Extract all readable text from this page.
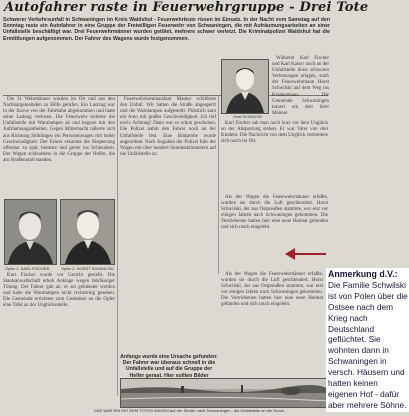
Autofahrer raste in Feuerwehrgruppe - Drei Tote
Schwerer Verkehrsunfall in Schwaningen im Kreis Waldshut - Feuerwehrleute rissen im Einsatz. In der Nacht vom Samstag auf den Sonntag raste ein Autofahrer in eine Gruppe der Freiwilligen Feuerwehr von Schwaningen, die mit Aufräumungsarbeiten an einer Unfallstelle beschäftigt war. Drei Feuerwehrmänner wurden getötet, mehrere schwer verletzt. Die Kriminalpolizei Waldshut hat die Ermittlungen aufgenommen. Der Fahrer des Wagens wurde festgenommen.

Die 31 Wehrmänner wurden im Ort und aus den Nachbargemeinden zu Hilfe gerufen. Ein Lastzug war in der Kurve von der Fahrbahn abgekommen und hatte seine Ladung verloren. Die Feuerwehr sicherte die Unfallstelle mit Warnlampen ab und begann mit den Aufräumungsarbeiten. Gegen Mitternacht näherte sich aus Richtung Stühlingen ein Personenwagen mit hoher Geschwindigkeit. Der Fahrer erkannte die Absperrung offenbar zu spät, bremste und geriet ins Schleudern. Der Wagen schleuderte in die Gruppe der Helfer, die am Straßenrand standen.

Feuerwehrkommandant Mauter schilderte den Unfall: Wir hatten die Straße abgesperrt und die Warnlampen aufgestellt. Plötzlich kam ein Auto mit großer Geschwindigkeit. Ich rief noch: Achtung! Dann war es schon geschehen. Die Polizei nahm den Fahrer noch an der Unfallstelle fest. Eine Blutprobe wurde angeordnet. Nach Angaben der Polizei fuhr der Wagen mit über hundert Stundenkilometern auf die Unfallstelle zu.

Horst SCHWILSKI

Während Karl Fischer und Karl Kaiser noch an der Unfallstelle ihren schweren Verletzungen erlagen, starb der Feuerwehrmann Horst Schwilski auf dem Weg ins Krankenhaus. Die Gemeinde Schwaningen trauert um drei ihrer Männer.

Karl Fischer sah man noch kurz vor dem Unglück an der Absperrung stehen. Er war Vater von drei Kindern. Die Nachricht von dem Unglück verbreitete sich rasch im Ort.

Als der Wagen die Feuerwehrmänner erfaßte, wurden sie durch die Luft geschleudert. Horst Schwilski, der aus Ostpreußen stammte, war erst vor einigen Jahren nach Schwaningen gekommen. Die Vertriebenen hatten hier eine neue Heimat gefunden und sich rasch eingelebt.

Opfer 1: KARL FISCHER	Opfer 2: HORST SCHWILSKI

Kurt Fischer wurde vor Gericht gestellt. Die Staatsanwaltschaft erhob Anklage wegen fahrlässiger Tötung. Der Fahrer gab an, er sei geblendet worden und habe die Warnlampen nicht rechtzeitig gesehen. Die Gemeinde errichtete zum Gedenken an die Opfer eine Tafel an der Unglücksstelle.

Anfangs wurde eine Ursache gefunden: Der Fahrer war überaus schnell in die Unfallstelle und auf die Gruppe der Helfer gerast. Hier sollten Bilder

Als der Wagen die Feuerwehrmänner erfaßte, wurden sie durch die Luft geschleudert. Horst Schwilski, der aus Ostpreußen stammte, war erst vor einigen Jahren nach Schwaningen gekommen. Die Vertriebenen hatten hier eine neue Heimat gefunden und sich rasch eingelebt.

Anmerkung d.V.:
Die Familie Schwilski ist von Polen über die Ostsee nach dem Krieg nach Deutschland geflüchtet. Sie wohnten dann in Schwaningen in versch. Häusern und hatten keinen eigenen Hof - dafür aber mehrere Söhne.
DAS WAR EIN MIT DEM TOTEN WAGEN auf der Straße nach Schwaningen - die Unfallstelle an der Kurve.
